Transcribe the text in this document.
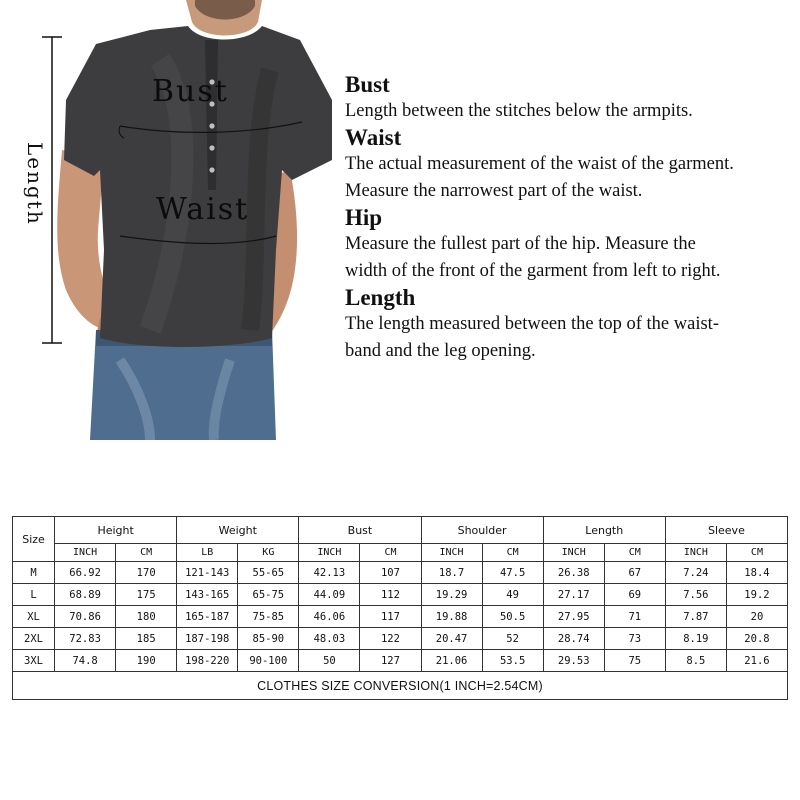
Bust
Waist
Length

Bust

Length between the stitches below the armpits.

Waist

The actual measurement of the waist of the garment.

Measure the narrowest part of the waist.

Hip

Measure the fullest part of the hip. Measure the

width of the front of the garment from left to right.

Length

The length measured between the top of the waist-

band and the leg opening.

Size	Height		Weight		Bust		Shoulder		Length		Sleeve	
	INCH	CM	LB	KG	INCH	CM	INCH	CM	INCH	CM	INCH	CM
M	66.92	170	121-143	55-65	42.13	107	18.7	47.5	26.38	67	7.24	18.4
L	68.89	175	143-165	65-75	44.09	112	19.29	49	27.17	69	7.56	19.2
XL	70.86	180	165-187	75-85	46.06	117	19.88	50.5	27.95	71	7.87	20
2XL	72.83	185	187-198	85-90	48.03	122	20.47	52	28.74	73	8.19	20.8
3XL	74.8	190	198-220	90-100	50	127	21.06	53.5	29.53	75	8.5	21.6
CLOTHES SIZE CONVERSION(1 INCH=2.54CM)												
